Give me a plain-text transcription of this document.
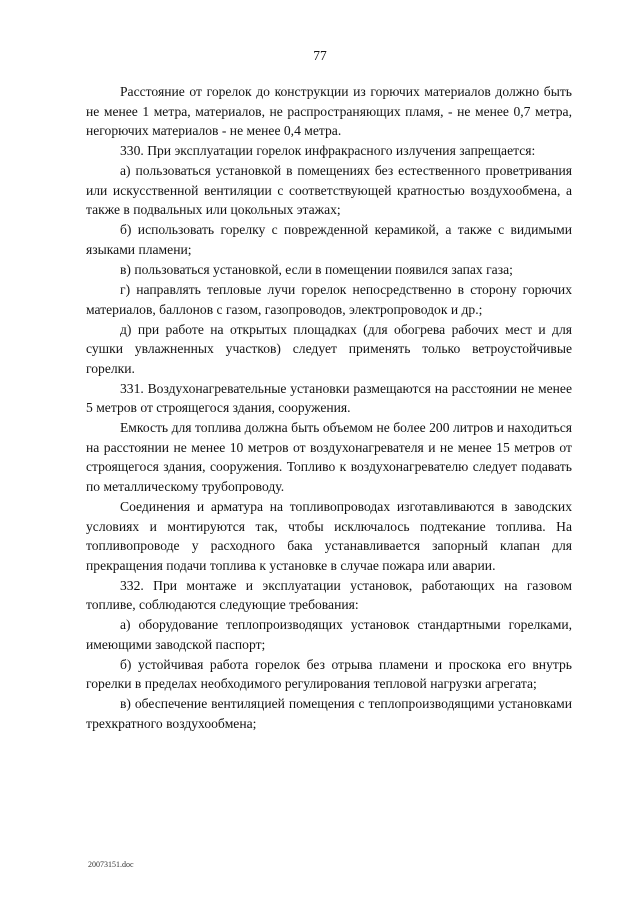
77

Расстояние от горелок до конструкции из горючих материалов должно быть не менее 1 метра, материалов, не распространяющих пламя, - не менее 0,7 метра, негорючих материалов - не менее 0,4 метра.

330. При эксплуатации горелок инфракрасного излучения запрещается:

а) пользоваться установкой в помещениях без естественного проветривания или искусственной вентиляции с соответствующей кратностью воздухообмена, а также в подвальных или цокольных этажах;

б) использовать горелку с поврежденной керамикой, а также с видимыми языками пламени;

в) пользоваться установкой, если в помещении появился запах газа;

г) направлять тепловые лучи горелок непосредственно в сторону горючих материалов, баллонов с газом, газопроводов, электропроводок и др.;

д) при работе на открытых площадках (для обогрева рабочих мест и для сушки увлажненных участков) следует применять только ветроустойчивые горелки.

331. Воздухонагревательные установки размещаются на расстоянии не менее 5 метров от строящегося здания, сооружения.

Емкость для топлива должна быть объемом не более 200 литров и находиться на расстоянии не менее 10 метров от воздухонагревателя и не менее 15 метров от строящегося здания, сооружения. Топливо к воздухонагревателю следует подавать по металлическому трубопроводу.

Соединения и арматура на топливопроводах изготавливаются в заводских условиях и монтируются так, чтобы исключалось подтекание топлива. На топливопроводе у расходного бака устанавливается запорный клапан для прекращения подачи топлива к установке в случае пожара или аварии.

332. При монтаже и эксплуатации установок, работающих на газовом топливе, соблюдаются следующие требования:

а) оборудование теплопроизводящих установок стандартными горелками, имеющими заводской паспорт;

б) устойчивая работа горелок без отрыва пламени и проскока его внутрь горелки в пределах необходимого регулирования тепловой нагрузки агрегата;

в) обеспечение вентиляцией помещения с теплопроизводящими установками трехкратного воздухообмена;

20073151.doc
